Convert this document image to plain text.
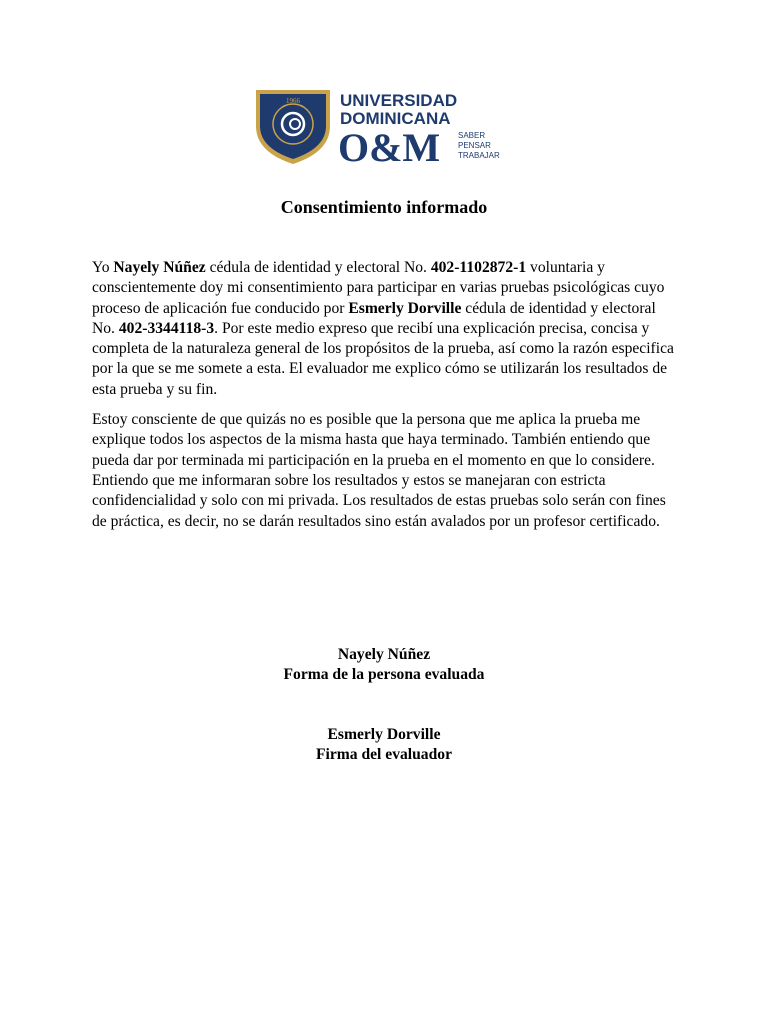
1966 UNIVERSIDAD
DOMINICANA
O&M SABER
PENSAR
TRABAJAR
Consentimiento informado

Yo Nayely Núñez cédula de identidad y electoral No. 402-1102872-1 voluntaria y conscientemente doy mi consentimiento para participar en varias pruebas psicológicas cuyo proceso de aplicación fue conducido por Esmerly Dorville cédula de identidad y electoral No. 402-3344118-3. Por este medio expreso que recibí una explicación precisa, concisa y completa de la naturaleza general de los propósitos de la prueba, así como la razón especifica por la que se me somete a esta. El evaluador me explico cómo se utilizarán los resultados de esta prueba y su fin.

Estoy consciente de que quizás no es posible que la persona que me aplica la prueba me explique todos los aspectos de la misma hasta que haya terminado. También entiendo que pueda dar por terminada mi participación en la prueba en el momento en que lo considere. Entiendo que me informaran sobre los resultados y estos se manejaran con estricta confidencialidad y solo con mi privada. Los resultados de estas pruebas solo serán con fines de práctica, es decir, no se darán resultados sino están avalados por un profesor certificado.

Nayely Núñez
Forma de la persona evaluada
Esmerly Dorville
Firma del evaluador
